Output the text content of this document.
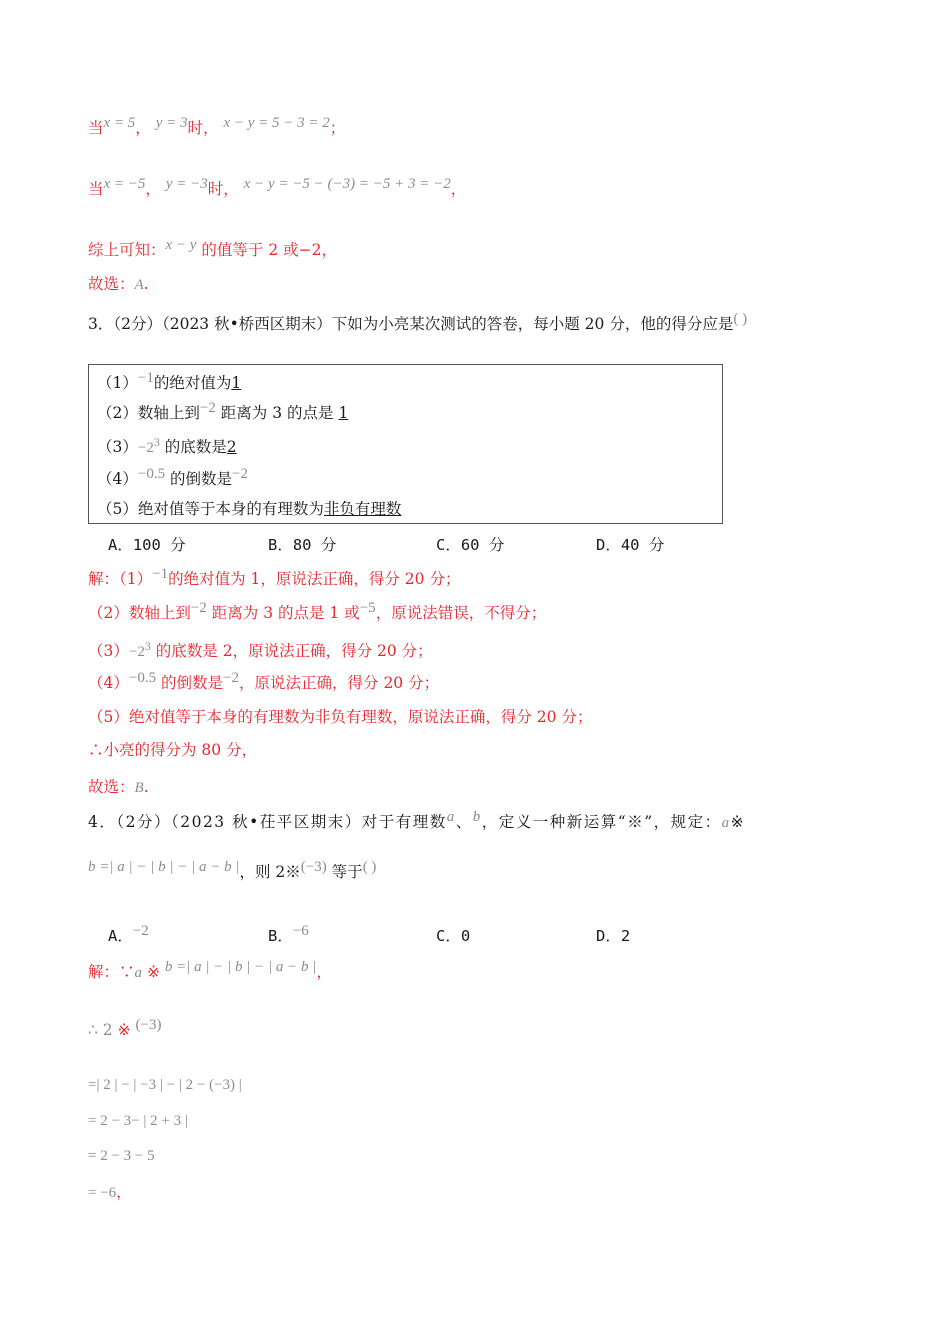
当x = 5， y = 3时， x − y = 5 − 3 = 2；
当x = −5， y = −3时， x − y = −5 − (−3) = −5 + 3 = −2，
综上可知：x − y 的值等于 2 或−2，
故选：A.
3．（2分）（2023 秋•桥西区期末）下如为小亮某次测试的答卷，每小题 20 分，他的得分应是( )
（1）−1的绝对值为1
（2）数轴上到−2 距离为 3 的点是 1
$(3)-2^3$ 的底数是2
（4）−0.5 的倒数是−2
（5）绝对值等于本身的有理数为非负有理数
A．100 分	B．80 分	C．60 分	D．40 分
解：（1）−1的绝对值为 1，原说法正确，得分 20 分；
（2）数轴上到−2 距离为 3 的点是 1 或−5，原说法错误，不得分；
$(3)-2^3$ 的底数是 2，原说法正确，得分 20 分；
（4）−0.5 的倒数是−2，原说法正确，得分 20 分；
（5）绝对值等于本身的有理数为非负有理数，原说法正确，得分 20 分；
∴小亮的得分为 80 分，
故选：B.
4．（2分）（2023 秋•茌平区期末）对于有理数a、b，定义一种新运算“※”，规定：a※
b =| a | − | b | − | a − b |，则 2※(−3) 等于( )
A．−2	B．−6	C．0	D．2
解：∵a ※ b =| a | − | b | − | a − b |，
∴ 2 ※ (−3)
=| 2 | − | −3 | − | 2 − (−3) |
= 2 − 3− | 2 + 3 |
= 2 − 3 − 5
= −6，
